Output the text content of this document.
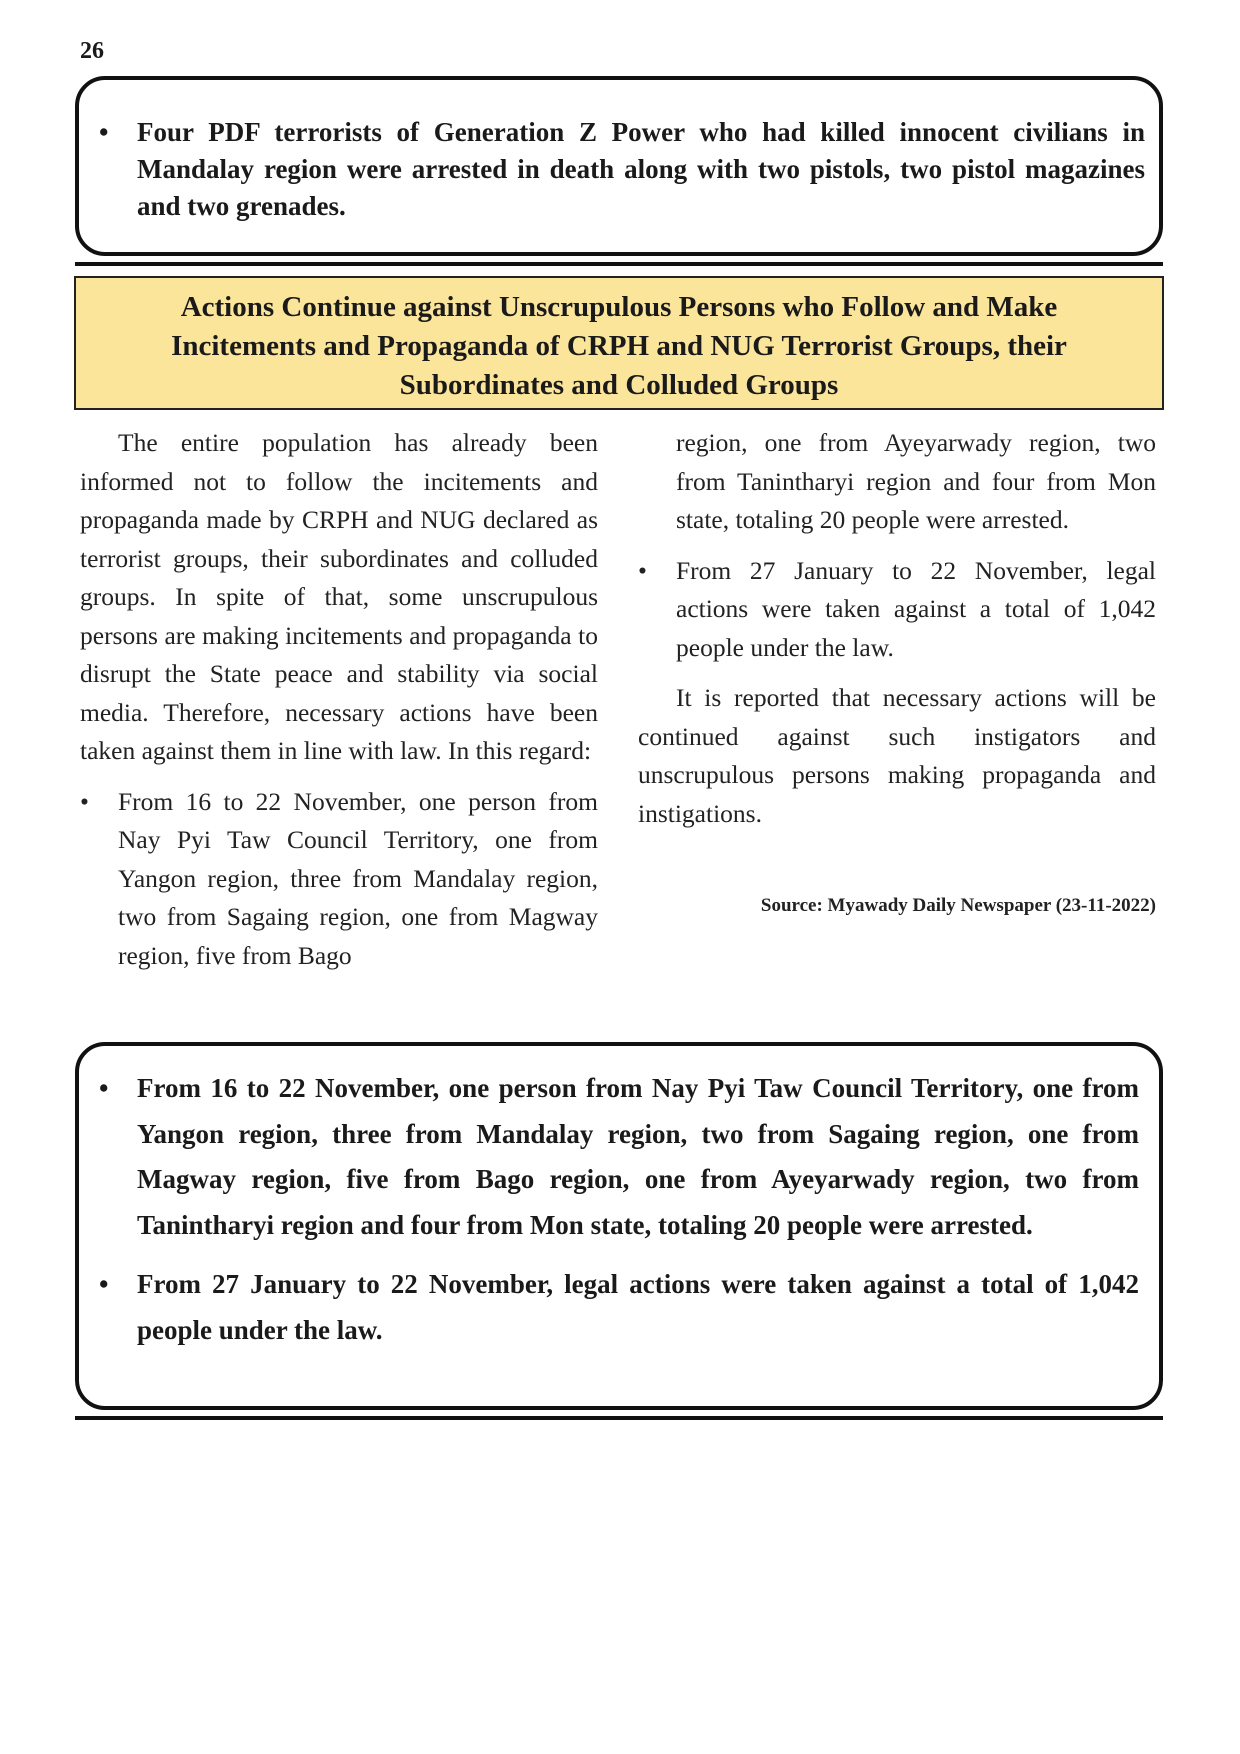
26
• Four PDF terrorists of Generation Z Power who had killed innocent civilians in Mandalay region were arrested in death along with two pistols, two pistol magazines and two grenades.
Actions Continue against Unscrupulous Persons who Follow and Make
Incitements and Propaganda of CRPH and NUG Terrorist Groups, their
Subordinates and Colluded Groups

The entire population has already been informed not to follow the incitements and propaganda made by CRPH and NUG declared as terrorist groups, their subordinates and colluded groups. In spite of that, some unscrupulous persons are making incitements and propaganda to disrupt the State peace and stability via social media. Therefore, necessary actions have been taken against them in line with law. In this regard:

• From 16 to 22 November, one person from Nay Pyi Taw Council Territory, one from Yangon region, three from Mandalay region, two from Sagaing region, one from Magway region, five from Bago

region, one from Ayeyarwady region, two from Tanintharyi region and four from Mon state, totaling 20 people were arrested.

• From 27 January to 22 November, legal actions were taken against a total of 1,042 people under the law.

It is reported that necessary actions will be continued against such instigators and unscrupulous persons making propaganda and instigations.

Source: Myawady Daily Newspaper (23-11-2022)

• From 16 to 22 November, one person from Nay Pyi Taw Council Territory, one from Yangon region, three from Mandalay region, two from Sagaing region, one from Magway region, five from Bago region, one from Ayeyarwady region, two from Tanintharyi region and four from Mon state, totaling 20 people were arrested.
• From 27 January to 22 November, legal actions were taken against a total of 1,042 people under the law.
